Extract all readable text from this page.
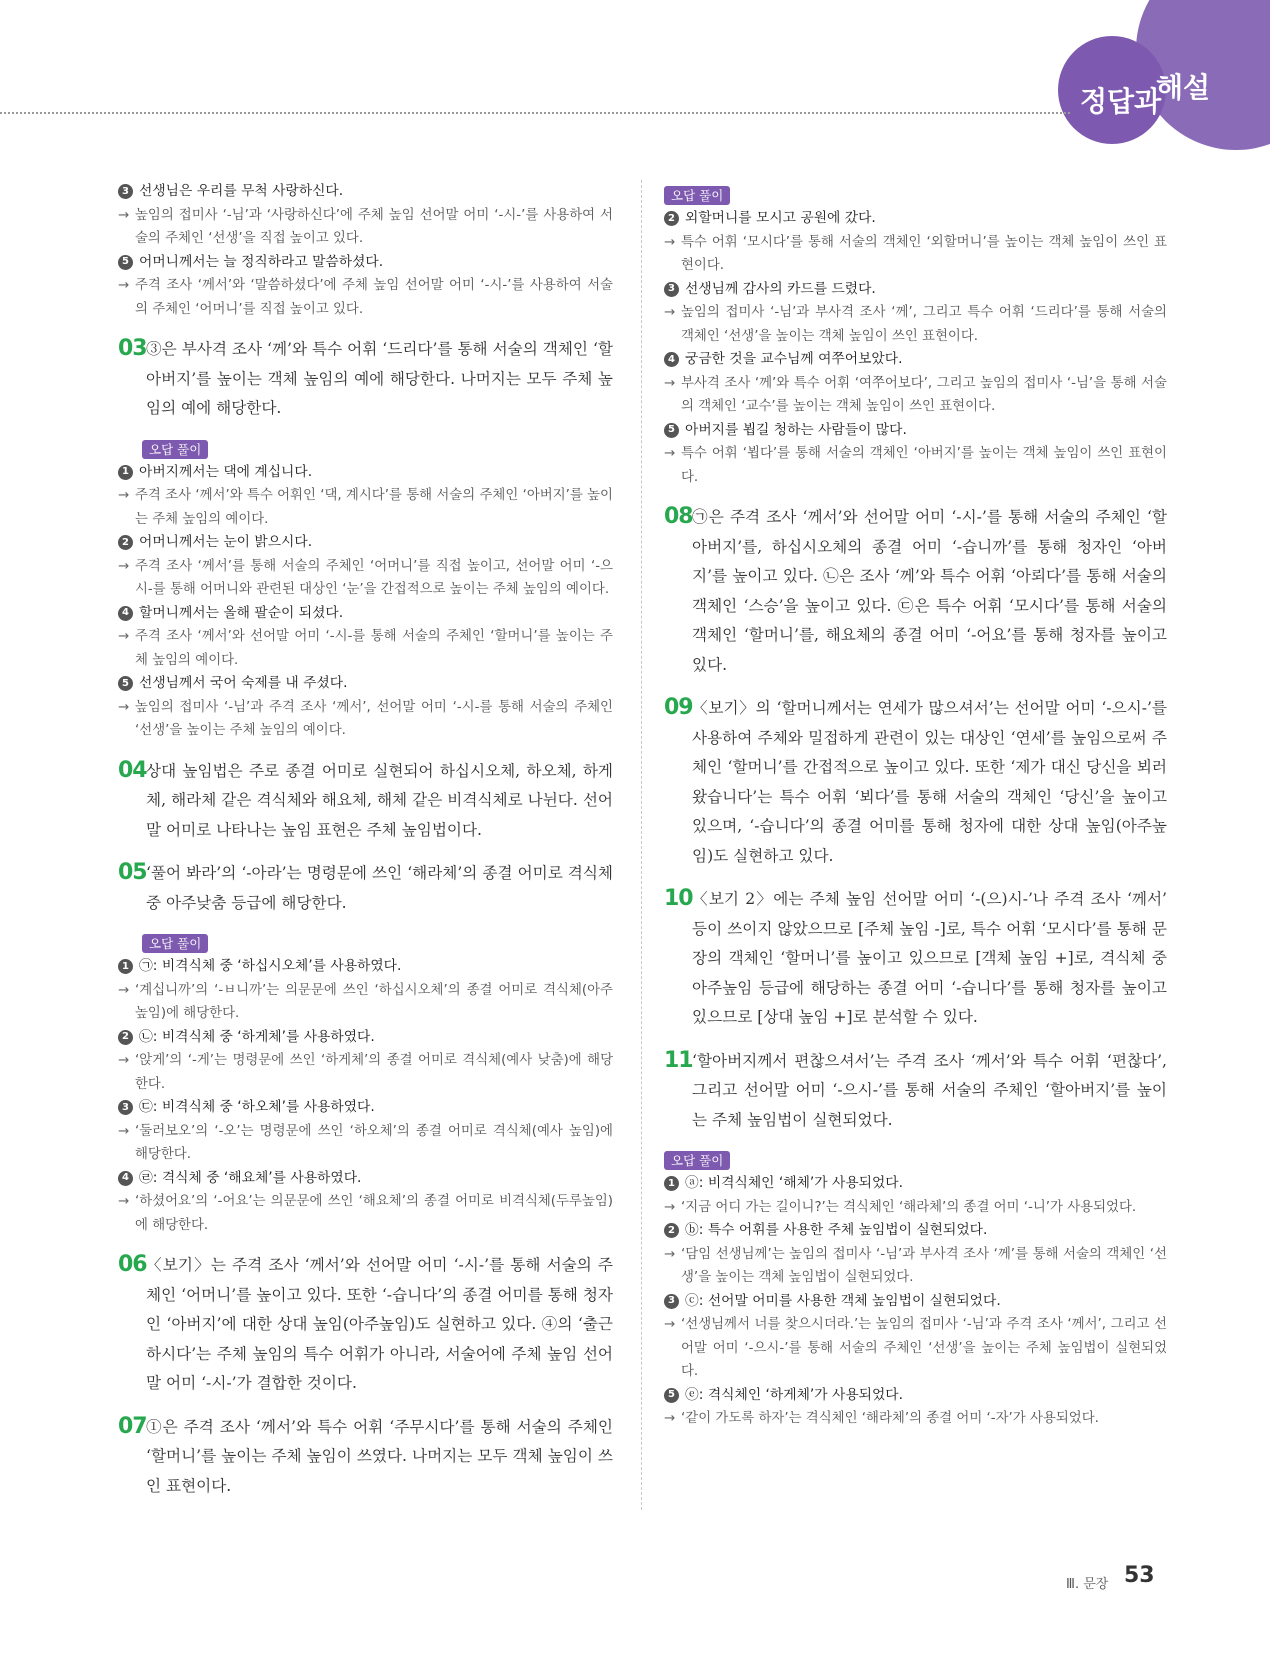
정답과
해설
3 선생님은 우리를 무척 사랑하신다.
→ 높임의 접미사 ‘-님’과 ‘사랑하신다’에 주체 높임 선어말 어미 ‘-시-’를 사용하여 서술의 주체인 ‘선생’을 직접 높이고 있다.
5 어머니께서는 늘 정직하라고 말씀하셨다.
→ 주격 조사 ‘께서’와 ‘말씀하셨다’에 주체 높임 선어말 어미 ‘-시-’를 사용하여 서술의 주체인 ‘어머니’를 직접 높이고 있다.
03 ③은 부사격 조사 ‘께’와 특수 어휘 ‘드리다’를 통해 서술의 객체인 ‘할아버지’를 높이는 객체 높임의 예에 해당한다. 나머지는 모두 주체 높임의 예에 해당한다.
오답 풀이
1 아버지께서는 댁에 계십니다.
→ 주격 조사 ‘께서’와 특수 어휘인 ‘댁, 계시다’를 통해 서술의 주체인 ‘아버지’를 높이는 주체 높임의 예이다.
2 어머니께서는 눈이 밝으시다.
→ 주격 조사 ‘께서’를 통해 서술의 주체인 ‘어머니’를 직접 높이고, 선어말 어미 ‘-으시-를 통해 어머니와 관련된 대상인 ‘눈’을 간접적으로 높이는 주체 높임의 예이다.
4 할머니께서는 올해 팔순이 되셨다.
→ 주격 조사 ‘께서’와 선어말 어미 ‘-시-를 통해 서술의 주체인 ‘할머니’를 높이는 주체 높임의 예이다.
5 선생님께서 국어 숙제를 내 주셨다.
→ 높임의 접미사 ‘-님’과 주격 조사 ‘께서’, 선어말 어미 ‘-시-를 통해 서술의 주체인 ‘선생’을 높이는 주체 높임의 예이다.
04 상대 높임법은 주로 종결 어미로 실현되어 하십시오체, 하오체, 하게체, 해라체 같은 격식체와 해요체, 해체 같은 비격식체로 나뉜다. 선어말 어미로 나타나는 높임 표현은 주체 높임법이다.
05 ‘풀어 봐라’의 ‘-아라’는 명령문에 쓰인 ‘해라체’의 종결 어미로 격식체 중 아주낮춤 등급에 해당한다.
오답 풀이
1 ㉠: 비격식체 중 ‘하십시오체’를 사용하였다.
→ ‘계십니까’의 ‘-ㅂ니까’는 의문문에 쓰인 ‘하십시오체’의 종결 어미로 격식체(아주높임)에 해당한다.
2 ㉡: 비격식체 중 ‘하게체’를 사용하였다.
→ ‘앉게’의 ‘-게’는 명령문에 쓰인 ‘하게체’의 종결 어미로 격식체(예사 낮춤)에 해당한다.
3 ㉢: 비격식체 중 ‘하오체’를 사용하였다.
→ ‘둘러보오’의 ‘-오’는 명령문에 쓰인 ‘하오체’의 종결 어미로 격식체(예사 높임)에 해당한다.
4 ㉣: 격식체 중 ‘해요체’를 사용하였다.
→ ‘하셨어요’의 ‘-어요’는 의문문에 쓰인 ‘해요체’의 종결 어미로 비격식체(두루높임)에 해당한다.
06 〈보기〉는 주격 조사 ‘께서’와 선어말 어미 ‘-시-’를 통해 서술의 주체인 ‘어머니’를 높이고 있다. 또한 ‘-습니다’의 종결 어미를 통해 청자인 ‘아버지’에 대한 상대 높임(아주높임)도 실현하고 있다. ④의 ‘출근하시다’는 주체 높임의 특수 어휘가 아니라, 서술어에 주체 높임 선어말 어미 ‘-시-’가 결합한 것이다.
07 ①은 주격 조사 ‘께서’와 특수 어휘 ‘주무시다’를 통해 서술의 주체인 ‘할머니’를 높이는 주체 높임이 쓰였다. 나머지는 모두 객체 높임이 쓰인 표현이다.
오답 풀이
2 외할머니를 모시고 공원에 갔다.
→ 특수 어휘 ‘모시다’를 통해 서술의 객체인 ‘외할머니’를 높이는 객체 높임이 쓰인 표현이다.
3 선생님께 감사의 카드를 드렸다.
→ 높임의 접미사 ‘-님’과 부사격 조사 ‘께’, 그리고 특수 어휘 ‘드리다’를 통해 서술의 객체인 ‘선생’을 높이는 객체 높임이 쓰인 표현이다.
4 궁금한 것을 교수님께 여쭈어보았다.
→ 부사격 조사 ‘께’와 특수 어휘 ‘여쭈어보다’, 그리고 높임의 접미사 ‘-님’을 통해 서술의 객체인 ‘교수’를 높이는 객체 높임이 쓰인 표현이다.
5 아버지를 뵙길 청하는 사람들이 많다.
→ 특수 어휘 ‘뵙다’를 통해 서술의 객체인 ‘아버지’를 높이는 객체 높임이 쓰인 표현이다.
08 ㉠은 주격 조사 ‘께서’와 선어말 어미 ‘-시-’를 통해 서술의 주체인 ‘할아버지’를, 하십시오체의 종결 어미 ‘-습니까’를 통해 청자인 ‘아버지’를 높이고 있다. ㉡은 조사 ‘께’와 특수 어휘 ‘아뢰다’를 통해 서술의 객체인 ‘스승’을 높이고 있다. ㉢은 특수 어휘 ‘모시다’를 통해 서술의 객체인 ‘할머니’를, 해요체의 종결 어미 ‘-어요’를 통해 청자를 높이고 있다.
09 〈보기〉의 ‘할머니께서는 연세가 많으셔서’는 선어말 어미 ‘-으시-’를 사용하여 주체와 밀접하게 관련이 있는 대상인 ‘연세’를 높임으로써 주체인 ‘할머니’를 간접적으로 높이고 있다. 또한 ‘제가 대신 당신을 뵈러 왔습니다’는 특수 어휘 ‘뵈다’를 통해 서술의 객체인 ‘당신’을 높이고 있으며, ‘-습니다’의 종결 어미를 통해 청자에 대한 상대 높임(아주높임)도 실현하고 있다.
10 〈보기 2〉에는 주체 높임 선어말 어미 ‘-(으)시-’나 주격 조사 ‘께서’ 등이 쓰이지 않았으므로 [주체 높임 -]로, 특수 어휘 ‘모시다’를 통해 문장의 객체인 ‘할머니’를 높이고 있으므로 [객체 높임 +]로, 격식체 중 아주높임 등급에 해당하는 종결 어미 ‘-습니다’를 통해 청자를 높이고 있으므로 [상대 높임 +]로 분석할 수 있다.
11 ‘할아버지께서 편찮으셔서’는 주격 조사 ‘께서’와 특수 어휘 ‘편찮다’, 그리고 선어말 어미 ‘-으시-’를 통해 서술의 주체인 ‘할아버지’를 높이는 주체 높임법이 실현되었다.
오답 풀이
1 ⓐ: 비격식체인 ‘해체’가 사용되었다.
→ ‘지금 어디 가는 길이니?’는 격식체인 ‘해라체’의 종결 어미 ‘-니’가 사용되었다.
2 ⓑ: 특수 어휘를 사용한 주체 높임법이 실현되었다.
→ ‘담임 선생님께’는 높임의 접미사 ‘-님’과 부사격 조사 ‘께’를 통해 서술의 객체인 ‘선생’을 높이는 객체 높임법이 실현되었다.
3 ⓒ: 선어말 어미를 사용한 객체 높임법이 실현되었다.
→ ‘선생님께서 너를 찾으시더라.’는 높임의 접미사 ‘-님’과 주격 조사 ‘께서’, 그리고 선어말 어미 ‘-으시-’를 통해 서술의 주체인 ‘선생’을 높이는 주체 높임법이 실현되었다.
5 ⓔ: 격식체인 ‘하게체’가 사용되었다.
→ ‘같이 가도록 하자’는 격식체인 ‘해라체’의 종결 어미 ‘-자’가 사용되었다.
Ⅲ. 문장 53
